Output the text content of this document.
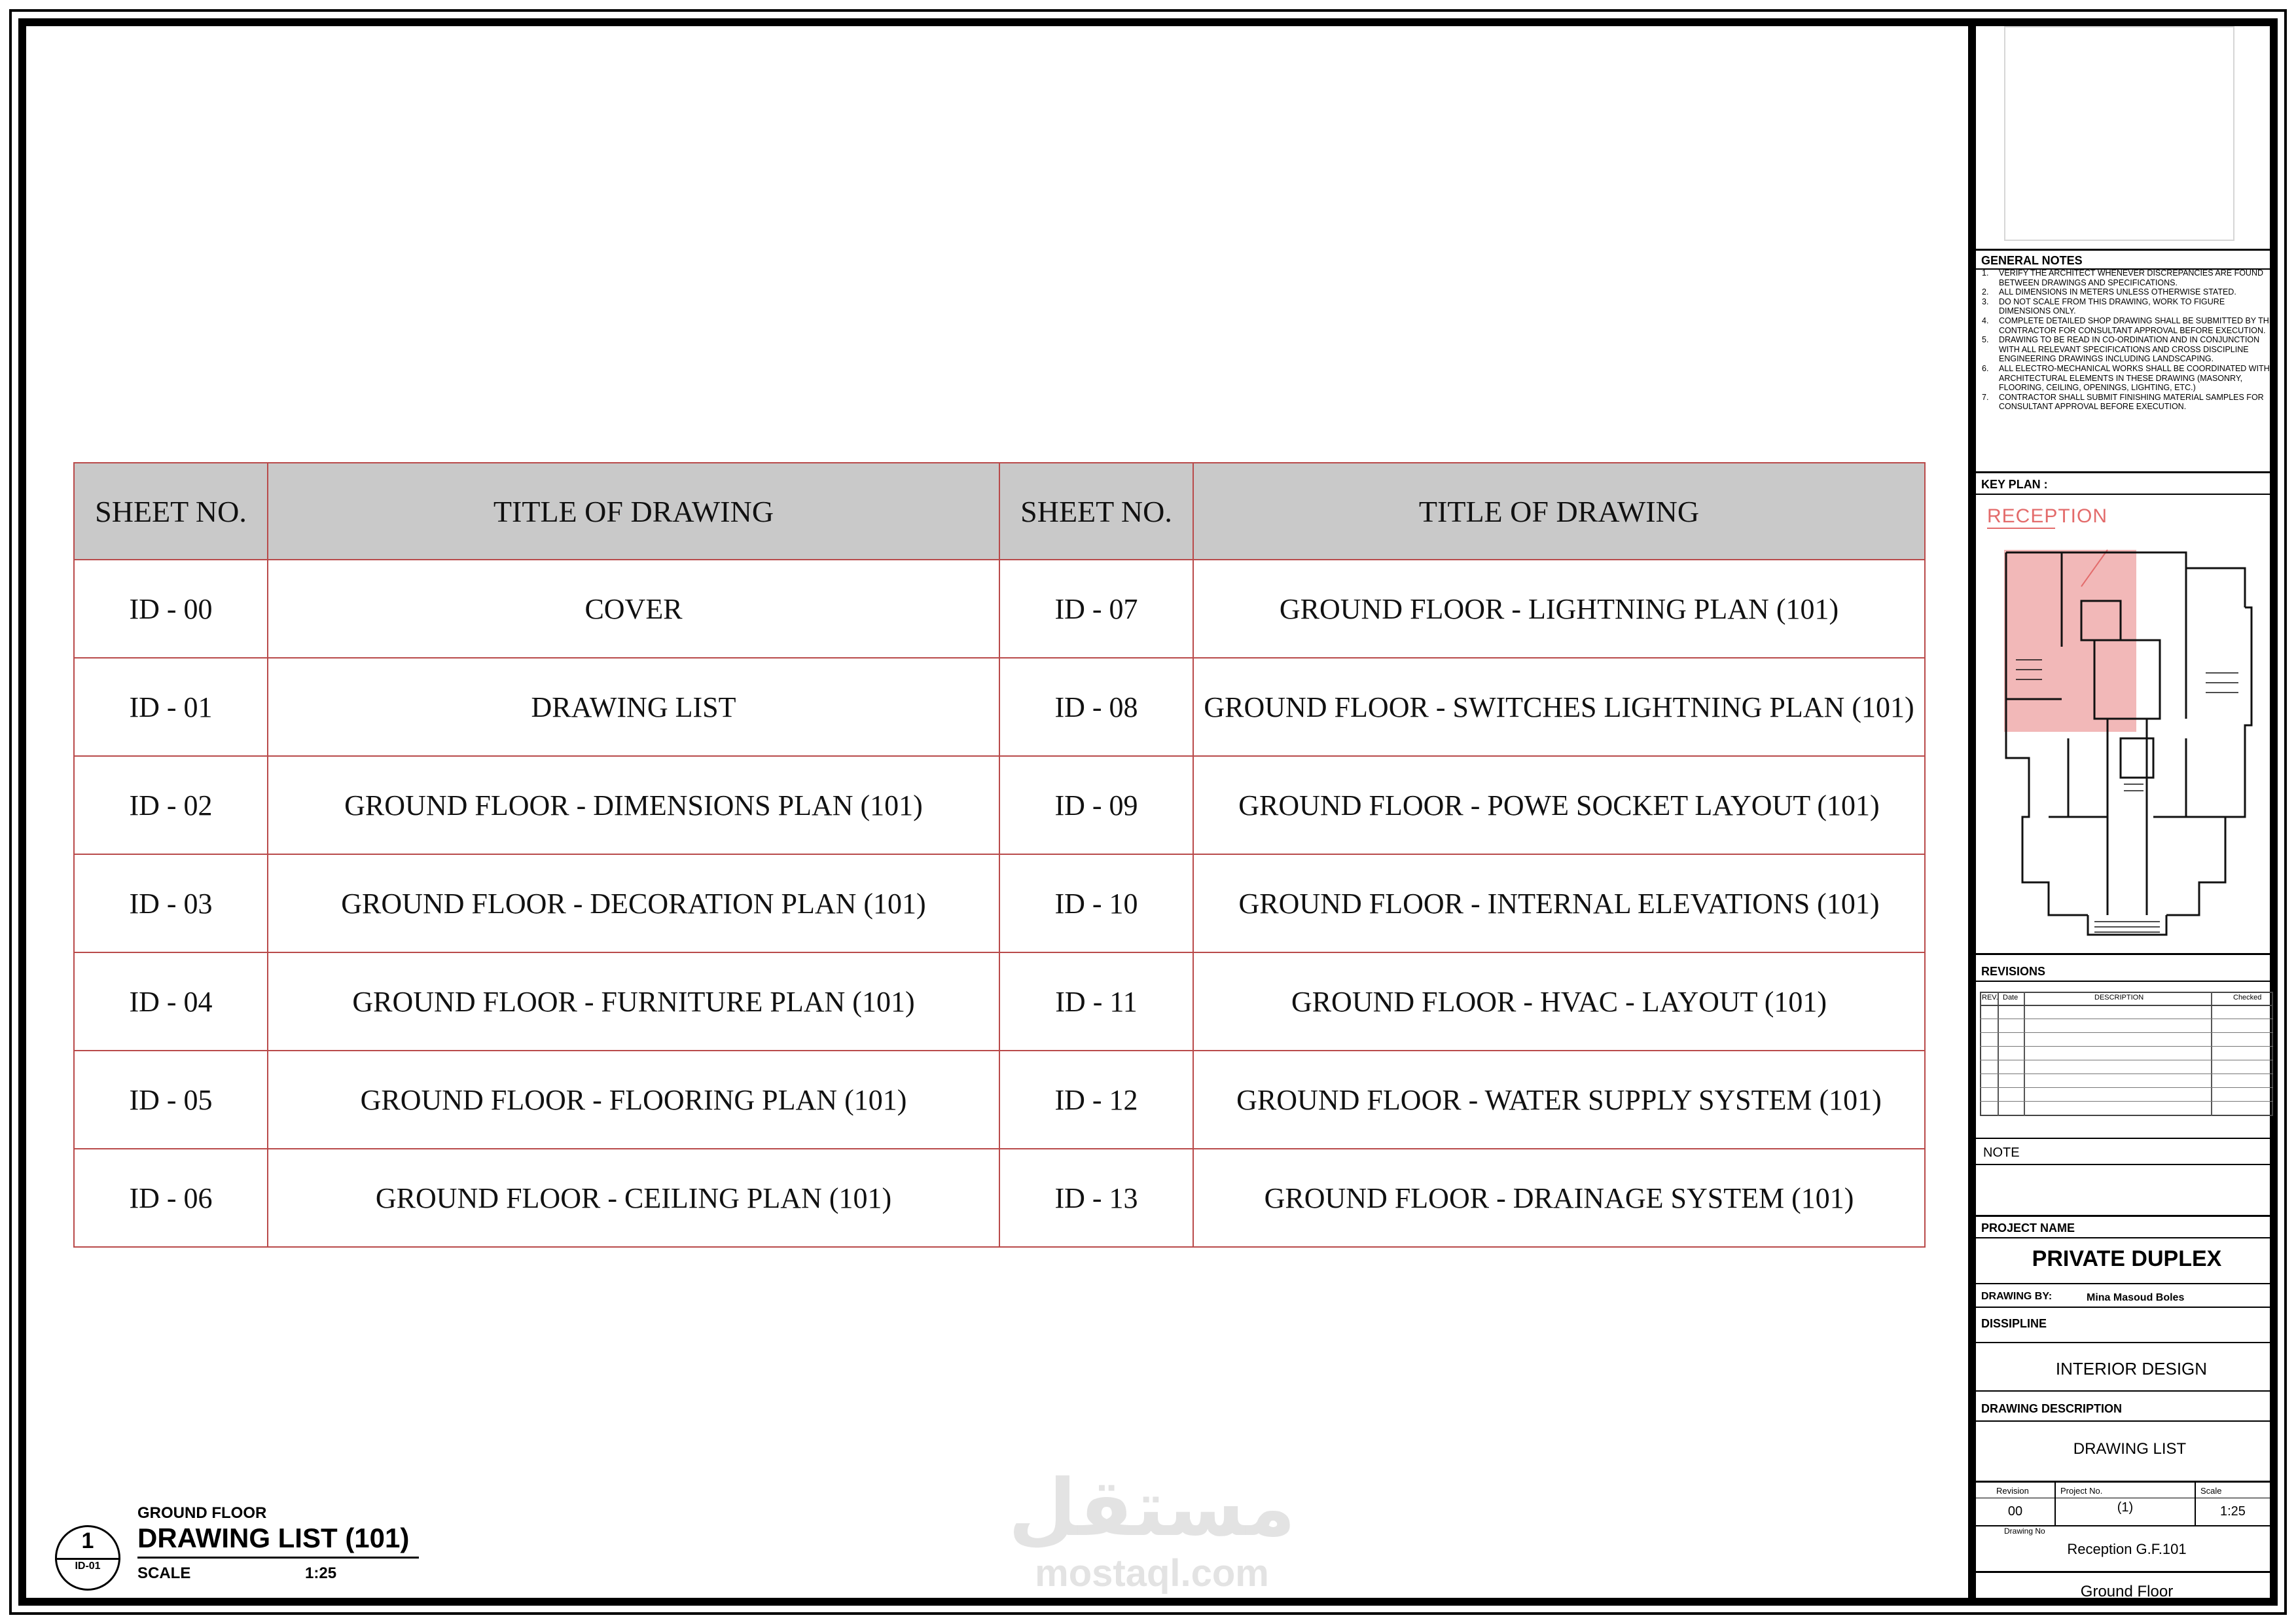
SHEET NO.	TITLE OF DRAWING	SHEET NO.	TITLE OF DRAWING
ID - 00	COVER	ID - 07	GROUND FLOOR - LIGHTNING PLAN (101)
ID - 01	DRAWING LIST	ID - 08	GROUND FLOOR - SWITCHES LIGHTNING PLAN (101)
ID - 02	GROUND FLOOR - DIMENSIONS PLAN (101)	ID - 09	GROUND FLOOR - POWE SOCKET LAYOUT (101)
ID - 03	GROUND FLOOR - DECORATION PLAN (101)	ID - 10	GROUND FLOOR - INTERNAL ELEVATIONS (101)
ID - 04	GROUND FLOOR - FURNITURE PLAN (101)	ID - 11	GROUND FLOOR - HVAC - LAYOUT (101)
ID - 05	GROUND FLOOR - FLOORING PLAN (101)	ID - 12	GROUND FLOOR - WATER SUPPLY SYSTEM (101)
ID - 06	GROUND FLOOR - CEILING PLAN (101)	ID - 13	GROUND FLOOR - DRAINAGE SYSTEM (101)
1
ID-01
GROUND FLOOR
DRAWING LIST (101)
SCALE	1:25
مستقل
mostaql.com
GENERAL NOTES
1. VERIFY THE ARCHITECT WHENEVER DISCREPANCIES ARE FOUND BETWEEN DRAWINGS AND SPECIFICATIONS.
2. ALL DIMENSIONS IN METERS UNLESS OTHERWISE STATED.
3. DO NOT SCALE FROM THIS DRAWING, WORK TO FIGURE DIMENSIONS ONLY.
4. COMPLETE DETAILED SHOP DRAWING SHALL BE SUBMITTED BY THE CONTRACTOR FOR CONSULTANT APPROVAL BEFORE EXECUTION.
5. DRAWING TO BE READ IN CO-ORDINATION AND IN CONJUNCTION WITH ALL RELEVANT SPECIFICATIONS AND CROSS DISCIPLINE ENGINEERING DRAWINGS INCLUDING LANDSCAPING.
6. ALL ELECTRO-MECHANICAL WORKS SHALL BE COORDINATED WITH ARCHITECTURAL ELEMENTS IN THESE DRAWING (MASONRY, FLOORING, CEILING, OPENINGS, LIGHTING, ETC.)
7. CONTRACTOR SHALL SUBMIT FINISHING MATERIAL SAMPLES FOR CONSULTANT APPROVAL BEFORE EXECUTION.
KEY PLAN :
RECEPTION
REVISIONS
REV. Date	DESCRIPTION	Checked
NOTE
PROJECT NAME
PRIVATE DUPLEX
DRAWING BY:	Mina Masoud Boles
DISSIPLINE
INTERIOR DESIGN
DRAWING DESCRIPTION
DRAWING LIST
Revision	Project No.	Scale
00	(1)	1:25
Drawing No
Reception G.F.101
Ground Floor
